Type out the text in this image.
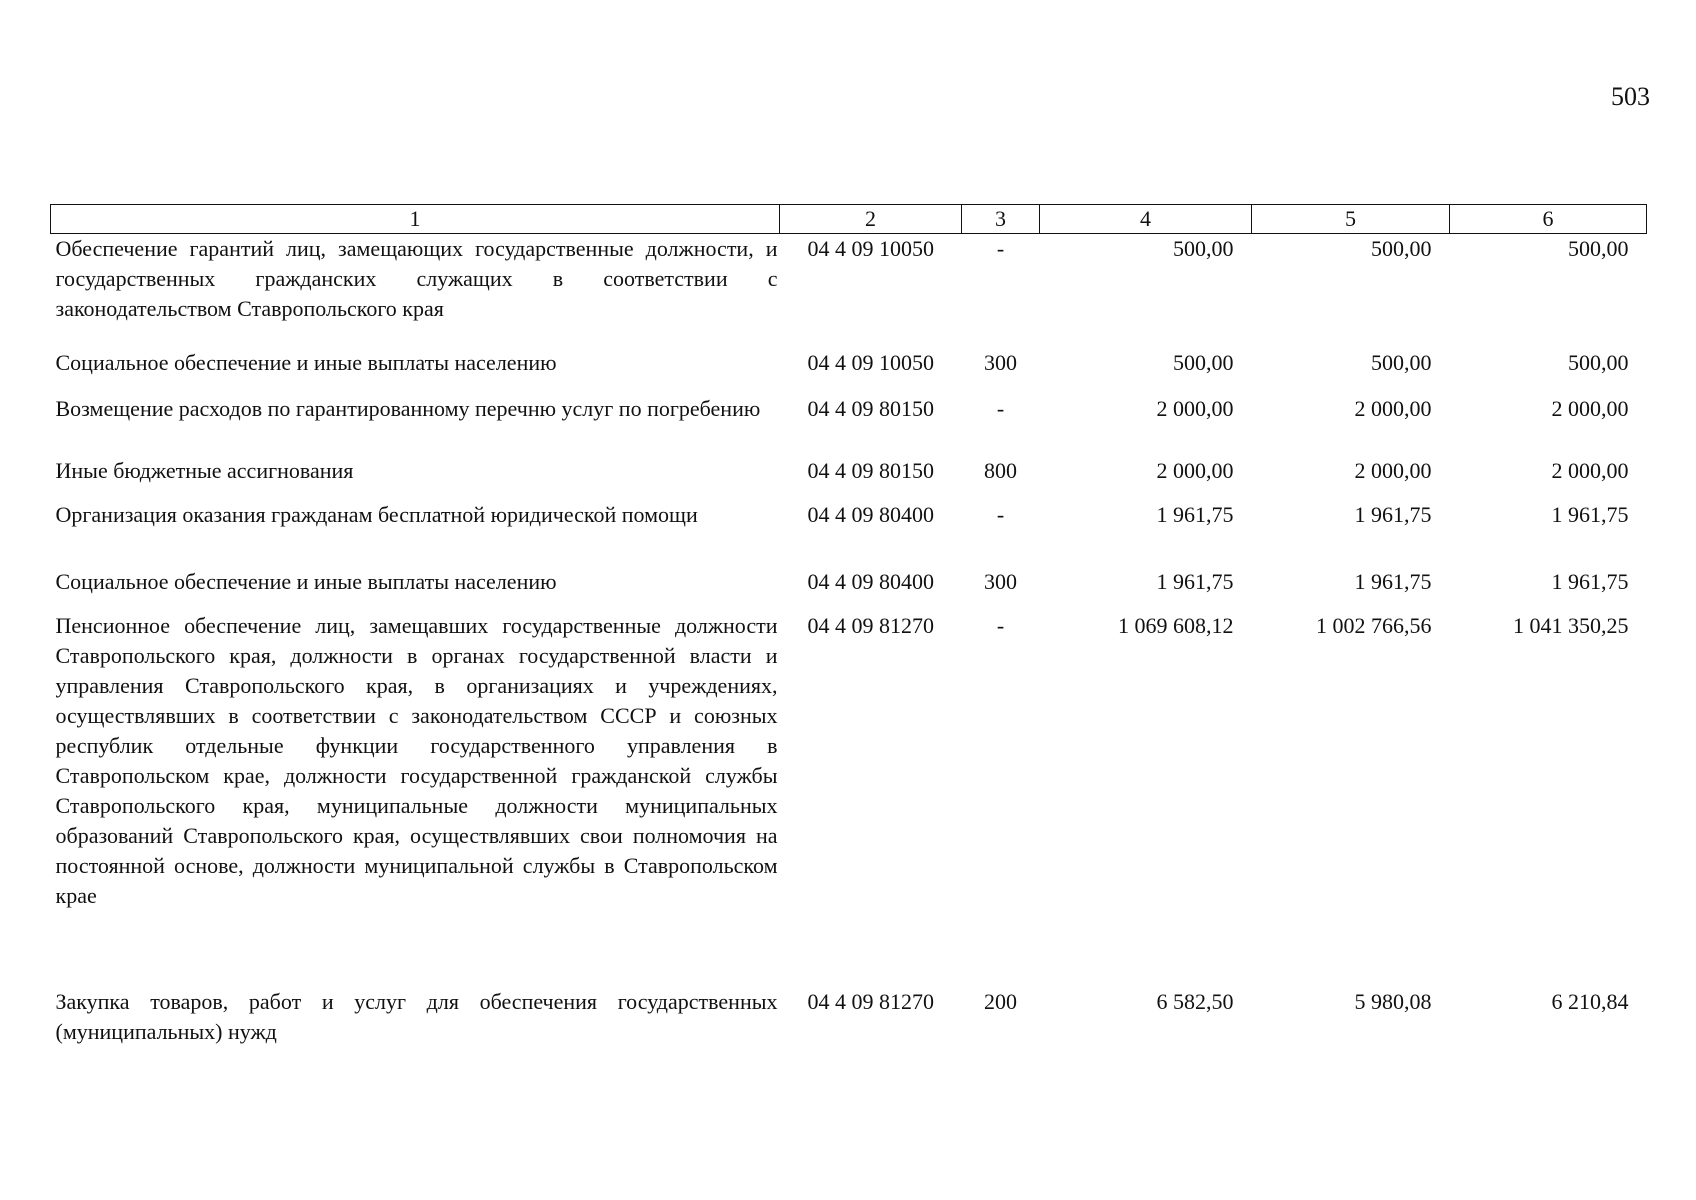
503
1	2	3	4	5	6
Обеспечение гарантий лиц, замещающих государственные должности, и государственных гражданских служащих в соответствии с законодательством Ставропольского края	04 4 09 10050	-	500,00	500,00	500,00
Социальное обеспечение и иные выплаты населению	04 4 09 10050	300	500,00	500,00	500,00
Возмещение расходов по гарантированному перечню услуг по погребению	04 4 09 80150	-	2 000,00	2 000,00	2 000,00
Иные бюджетные ассигнования	04 4 09 80150	800	2 000,00	2 000,00	2 000,00
Организация оказания гражданам бесплатной юридической помощи	04 4 09 80400	-	1 961,75	1 961,75	1 961,75
Социальное обеспечение и иные выплаты населению	04 4 09 80400	300	1 961,75	1 961,75	1 961,75
Пенсионное обеспечение лиц, замещавших государственные должности Ставропольского края, должности в органах государственной власти и управления Ставропольского края, в организациях и учреждениях, осуществлявших в соответствии с законодательством СССР и союзных республик отдельные функции государственного управления в Ставропольском крае, должности государственной гражданской службы Ставропольского края, муниципальные должности муниципальных образований Ставропольского края, осуществлявших свои полномочия на постоянной основе, должности муниципальной службы в Ставропольском крае	04 4 09 81270	-	1 069 608,12	1 002 766,56	1 041 350,25
Закупка товаров, работ и услуг для обеспечения государственных (муниципальных) нужд	04 4 09 81270	200	6 582,50	5 980,08	6 210,84
